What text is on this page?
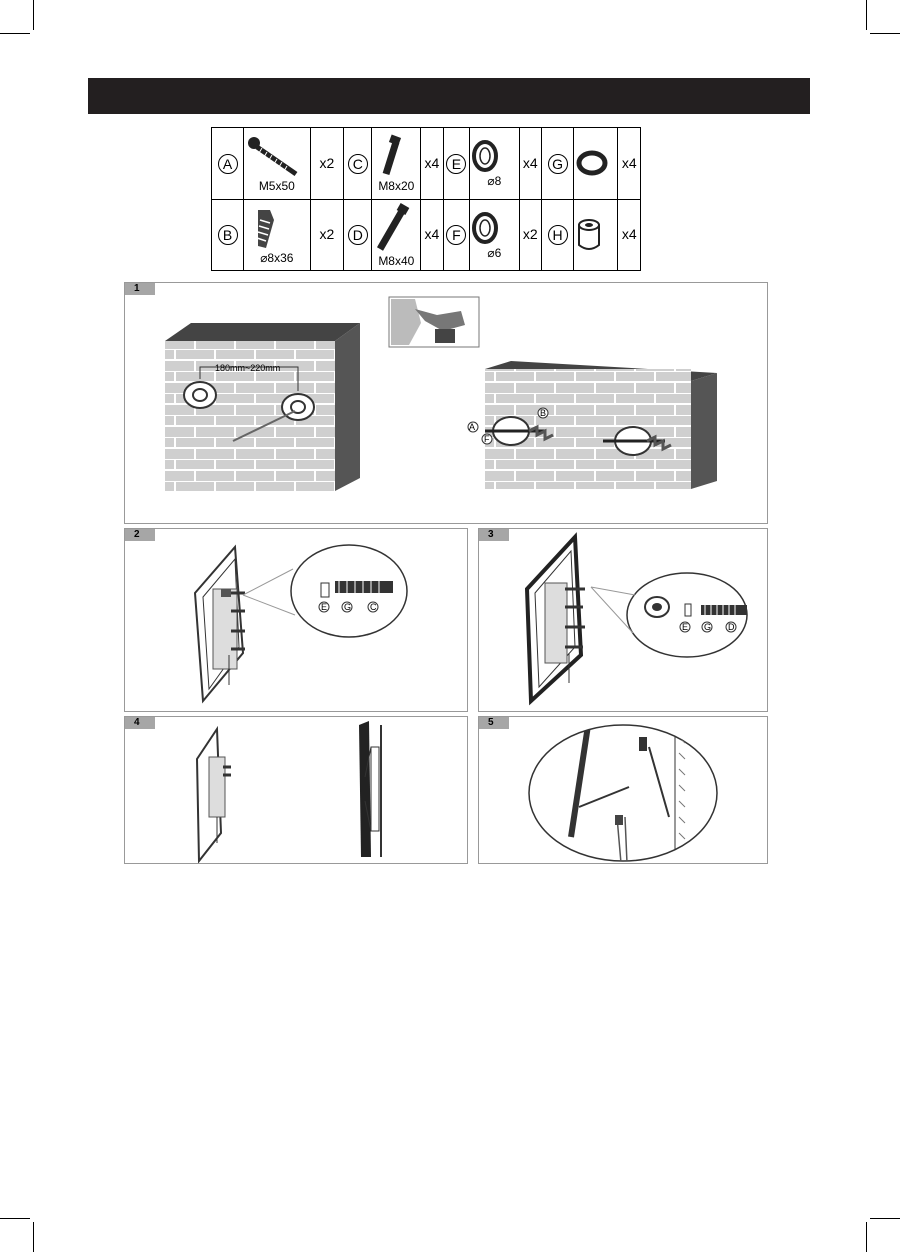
A	M5x50	x2	C	M8x20	x4	E	⌀8	x4	G		x4
B	⌀8x36	x2	D	M8x40	x4	F	⌀6	x2	H		x4
1
180mm~220mm
A
B
F
2
E G C
3
E G D
4	5
